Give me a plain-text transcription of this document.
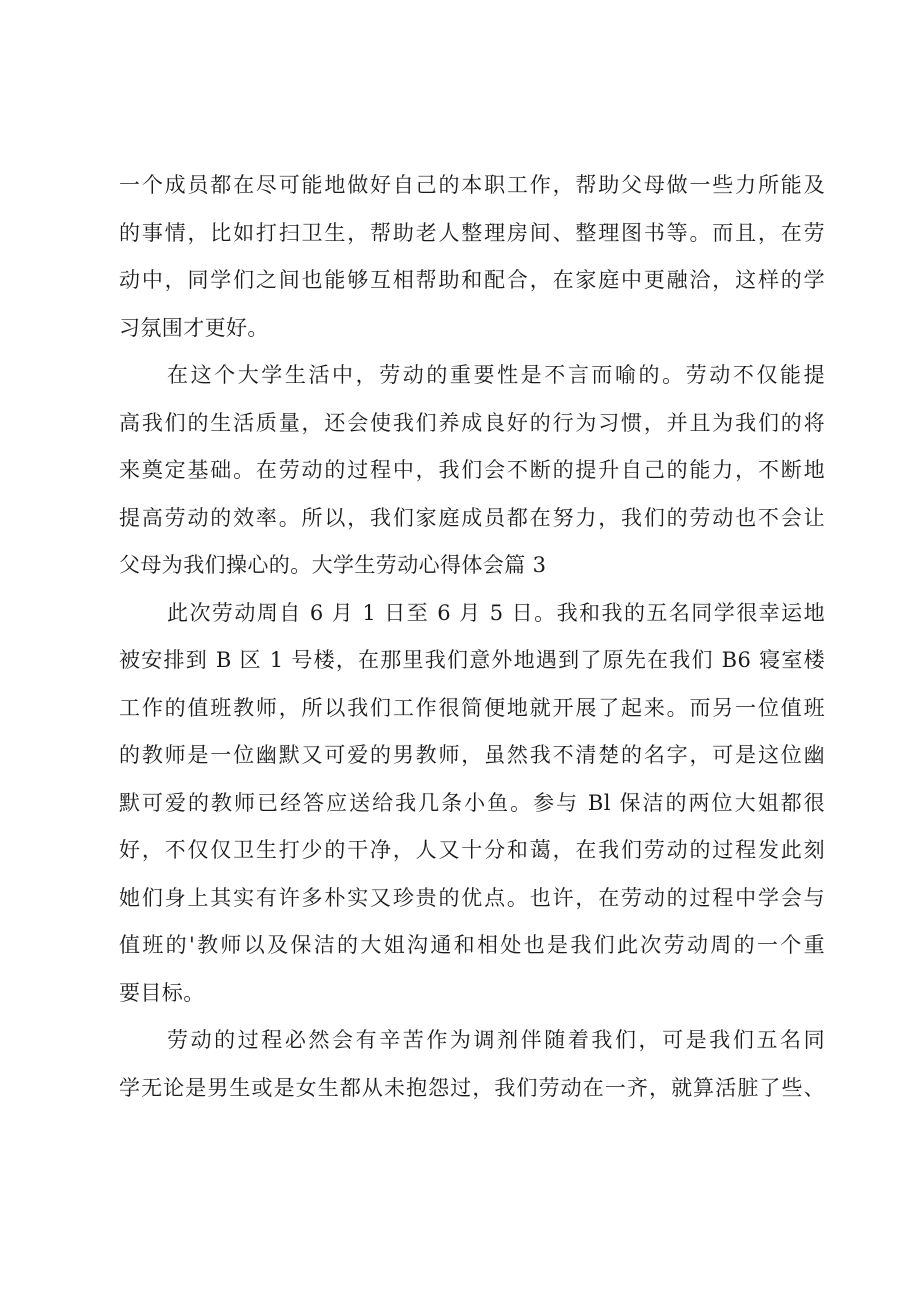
一个成员都在尽可能地做好自己的本职工作，帮助父母做一些力所能及
的事情，比如打扫卫生，帮助老人整理房间、整理图书等。而且，在劳
动中，同学们之间也能够互相帮助和配合，在家庭中更融洽，这样的学
习氛围才更好。
在这个大学生活中，劳动的重要性是不言而喻的。劳动不仅能提
高我们的生活质量，还会使我们养成良好的行为习惯，并且为我们的将
来奠定基础。在劳动的过程中，我们会不断的提升自己的能力，不断地
提高劳动的效率。所以，我们家庭成员都在努力，我们的劳动也不会让
父母为我们操心的。大学生劳动心得体会篇 3
此次劳动周自 6 月 1 日至 6 月 5 日。我和我的五名同学很幸运地
被安排到 B 区 1 号楼，在那里我们意外地遇到了原先在我们 B6 寝室楼
工作的值班教师，所以我们工作很简便地就开展了起来。而另一位值班
的教师是一位幽默又可爱的男教师，虽然我不清楚的名字，可是这位幽
默可爱的教师已经答应送给我几条小鱼。参与 Bl 保洁的两位大姐都很
好，不仅仅卫生打少的干净，人又十分和蔼，在我们劳动的过程发此刻
她们身上其实有许多朴实又珍贵的优点。也许，在劳动的过程中学会与
值班的'教师以及保洁的大姐沟通和相处也是我们此次劳动周的一个重
要目标。
劳动的过程必然会有辛苦作为调剂伴随着我们，可是我们五名同
学无论是男生或是女生都从未抱怨过，我们劳动在一齐，就算活脏了些、
